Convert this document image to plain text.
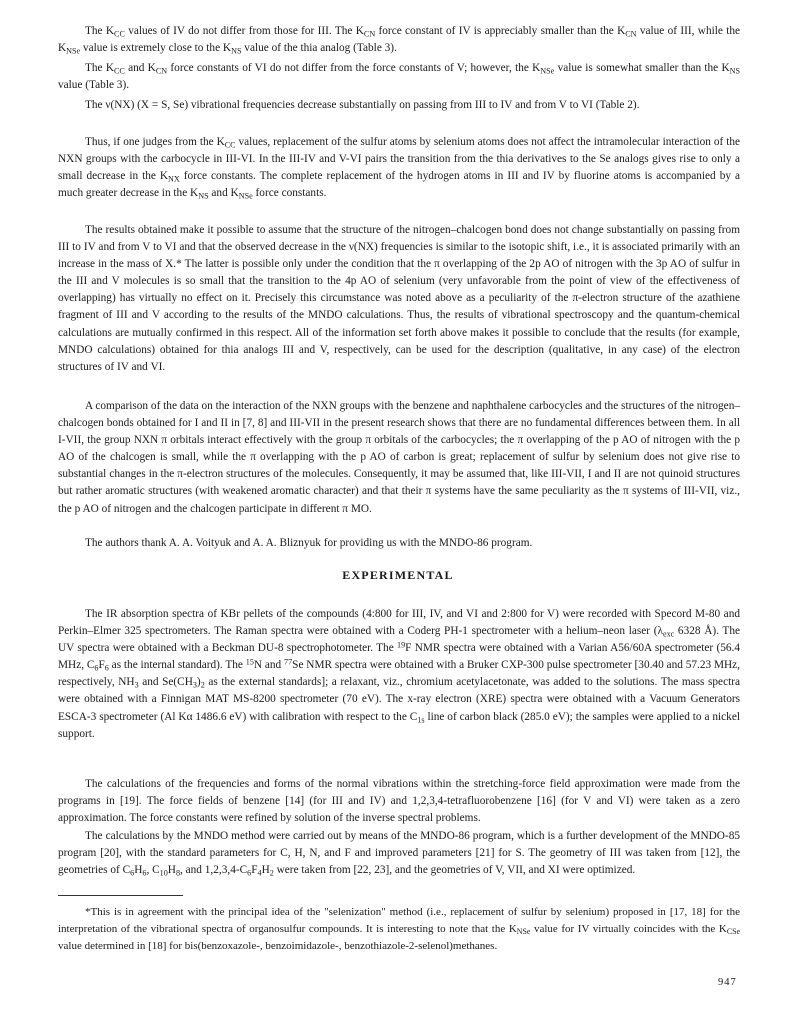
The $K_{CC}$ values of IV do not differ from those for III. The $K_{CN}$ force constant of IV is appreciably smaller than the $K_{CN}$ value of III, while the $K_{NSe}$ value is extremely close to the $K_{NS}$ value of the thia analog (Table 3).

The $K_{CC}$ and $K_{CN}$ force constants of VI do not differ from the force constants of V; however, the $K_{NSe}$ value is somewhat smaller than the $K_{NS}$ value (Table 3).

The ν(NX) (X = S, Se) vibrational frequencies decrease substantially on passing from III to IV and from V to VI (Table 2).

Thus, if one judges from the $K_{CC}$ values, replacement of the sulfur atoms by selenium atoms does not affect the intramolecular interaction of the NXN groups with the carbocycle in III-VI. In the III-IV and V-VI pairs the transition from the thia derivatives to the Se analogs gives rise to only a small decrease in the $K_{NX}$ force constants. The complete replacement of the hydrogen atoms in III and IV by fluorine atoms is accompanied by a much greater decrease in the $K_{NS}$ and $K_{NSe}$ force constants.

The results obtained make it possible to assume that the structure of the nitrogen–chalcogen bond does not change substantially on passing from III to IV and from V to VI and that the observed decrease in the ν(NX) frequencies is similar to the isotopic shift, i.e., it is associated primarily with an increase in the mass of X.* The latter is possible only under the condition that the π overlapping of the 2p AO of nitrogen with the 3p AO of sulfur in the III and V molecules is so small that the transition to the 4p AO of selenium (very unfavorable from the point of view of the effectiveness of overlapping) has virtually no effect on it. Precisely this circumstance was noted above as a peculiarity of the π-electron structure of the azathiene fragment of III and V according to the results of the MNDO calculations. Thus, the results of vibrational spectroscopy and the quantum-chemical calculations are mutually confirmed in this respect. All of the information set forth above makes it possible to conclude that the results (for example, MNDO calculations) obtained for thia analogs III and V, respectively, can be used for the description (qualitative, in any case) of the electron structures of IV and VI.

A comparison of the data on the interaction of the NXN groups with the benzene and naphthalene carbocycles and the structures of the nitrogen–chalcogen bonds obtained for I and II in [7, 8] and III-VII in the present research shows that there are no fundamental differences between them. In all I-VII, the group NXN π orbitals interact effectively with the group π orbitals of the carbocycles; the π overlapping of the p AO of nitrogen with the p AO of the chalcogen is small, while the π overlapping with the p AO of carbon is great; replacement of sulfur by selenium does not give rise to substantial changes in the π-electron structures of the molecules. Consequently, it may be assumed that, like III-VII, I and II are not quinoid structures but rather aromatic structures (with weakened aromatic character) and that their π systems have the same peculiarity as the π systems of III-VII, viz., the p AO of nitrogen and the chalcogen participate in different π MO.

The authors thank A. A. Voityuk and A. A. Bliznyuk for providing us with the MNDO-86 program.

EXPERIMENTAL

The IR absorption spectra of KBr pellets of the compounds (4:800 for III, IV, and VI and 2:800 for V) were recorded with Specord M-80 and Perkin–Elmer 325 spectrometers. The Raman spectra were obtained with a Coderg PH-1 spectrometer with a helium–neon laser ($\lambda_{exc}$ 6328 Å). The UV spectra were obtained with a Beckman DU-8 spectrophotometer. The $^{19}$F NMR spectra were obtained with a Varian A56/60A spectrometer (56.4 MHz, $C_6F_6$ as the internal standard). The $^{15}$N and $^{77}$Se NMR spectra were obtained with a Bruker CXP-300 pulse spectrometer [30.40 and 57.23 MHz, respectively, $NH_3$ and $Se(CH_3)_2$ as the external standards]; a relaxant, viz., chromium acetylacetonate, was added to the solutions. The mass spectra were obtained with a Finnigan MAT MS-8200 spectrometer (70 eV). The x-ray electron (XRE) spectra were obtained with a Vacuum Generators ESCA-3 spectrometer (Al Kα 1486.6 eV) with calibration with respect to the $C_{1s}$ line of carbon black (285.0 eV); the samples were applied to a nickel support.

The calculations of the frequencies and forms of the normal vibrations within the stretching-force field approximation were made from the programs in [19]. The force fields of benzene [14] (for III and IV) and 1,2,3,4-tetrafluorobenzene [16] (for V and VI) were taken as a zero approximation. The force constants were refined by solution of the inverse spectral problems.

The calculations by the MNDO method were carried out by means of the MNDO-86 program, which is a further development of the MNDO-85 program [20], with the standard parameters for C, H, N, and F and improved parameters [21] for S. The geometry of III was taken from [12], the geometries of $C_6H_6$, $C_{10}H_8$, and $1,2,3,4-C_6F_4H_2$ were taken from [22, 23], and the geometries of V, VII, and XI were optimized.

*This is in agreement with the principal idea of the "selenization" method (i.e., replacement of sulfur by selenium) proposed in [17, 18] for the interpretation of the vibrational spectra of organosulfur compounds. It is interesting to note that the $K_{NSe}$ value for IV virtually coincides with the $K_{CSe}$ value determined in [18] for bis(benzoxazole-, benzoimidazole-, benzothiazole-2-selenol)methanes.

947
